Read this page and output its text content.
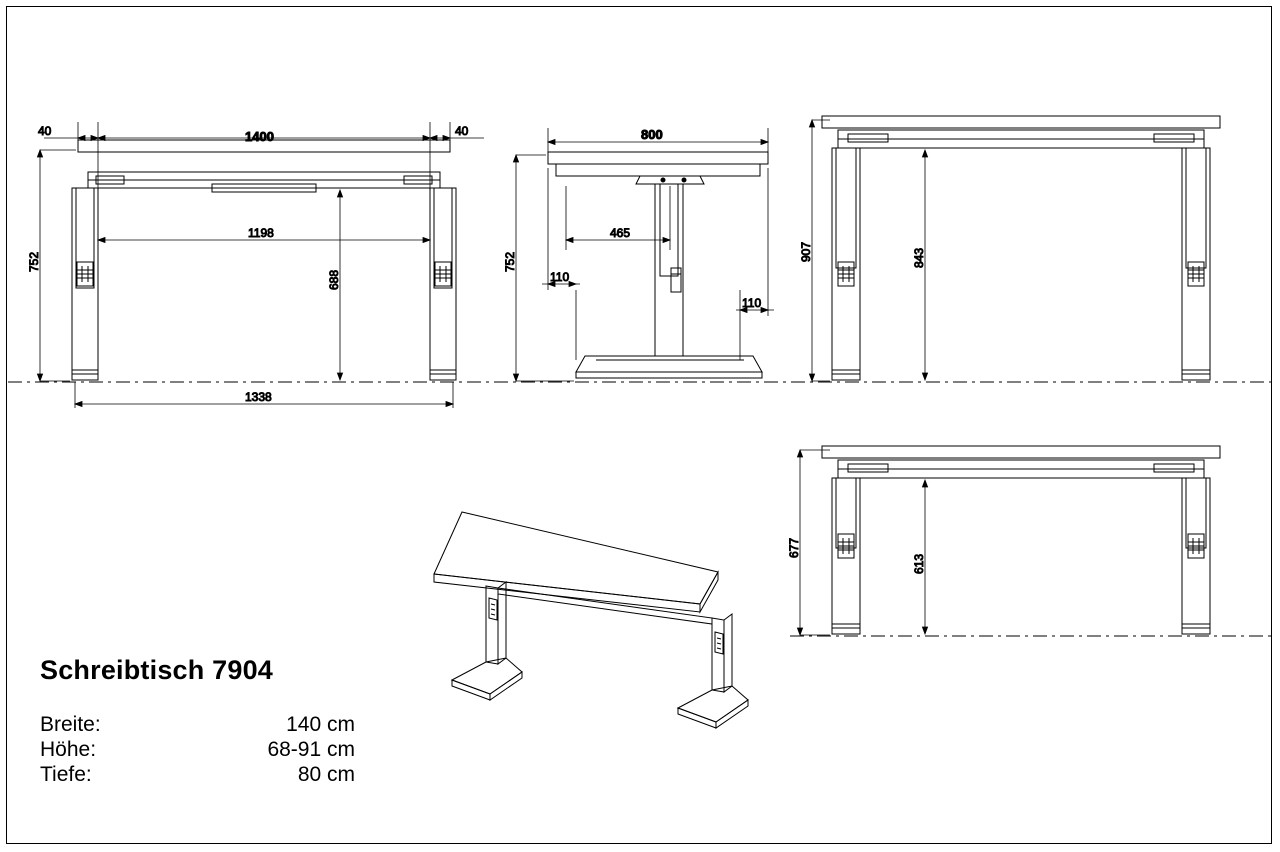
40	1400	40
752
1198
688
1338
800
752
465
110
110
907	843
677
613
Schreibtisch 7904
Breite:	140 cm
Höhe:	68-91 cm
Tiefe:	80 cm
